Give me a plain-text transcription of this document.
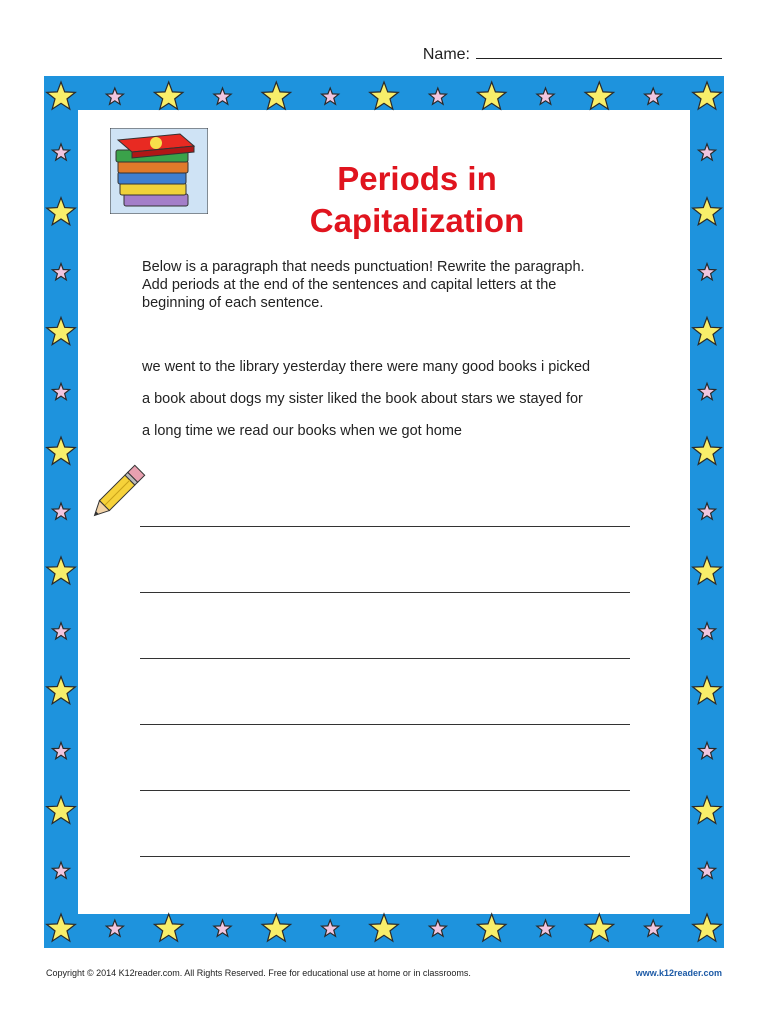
Name:
Periods in
Capitalization
Below is a paragraph that needs punctuation! Rewrite the paragraph.
Add periods at the end of the sentences and capital letters at the
beginning of each sentence.
we went to the library yesterday there were many good books i picked
a book about dogs my sister liked the book about stars we stayed for
a long time we read our books when we got home
Copyright © 2014 K12reader.com. All Rights Reserved. Free for educational use at home or in classrooms.	www.k12reader.com
